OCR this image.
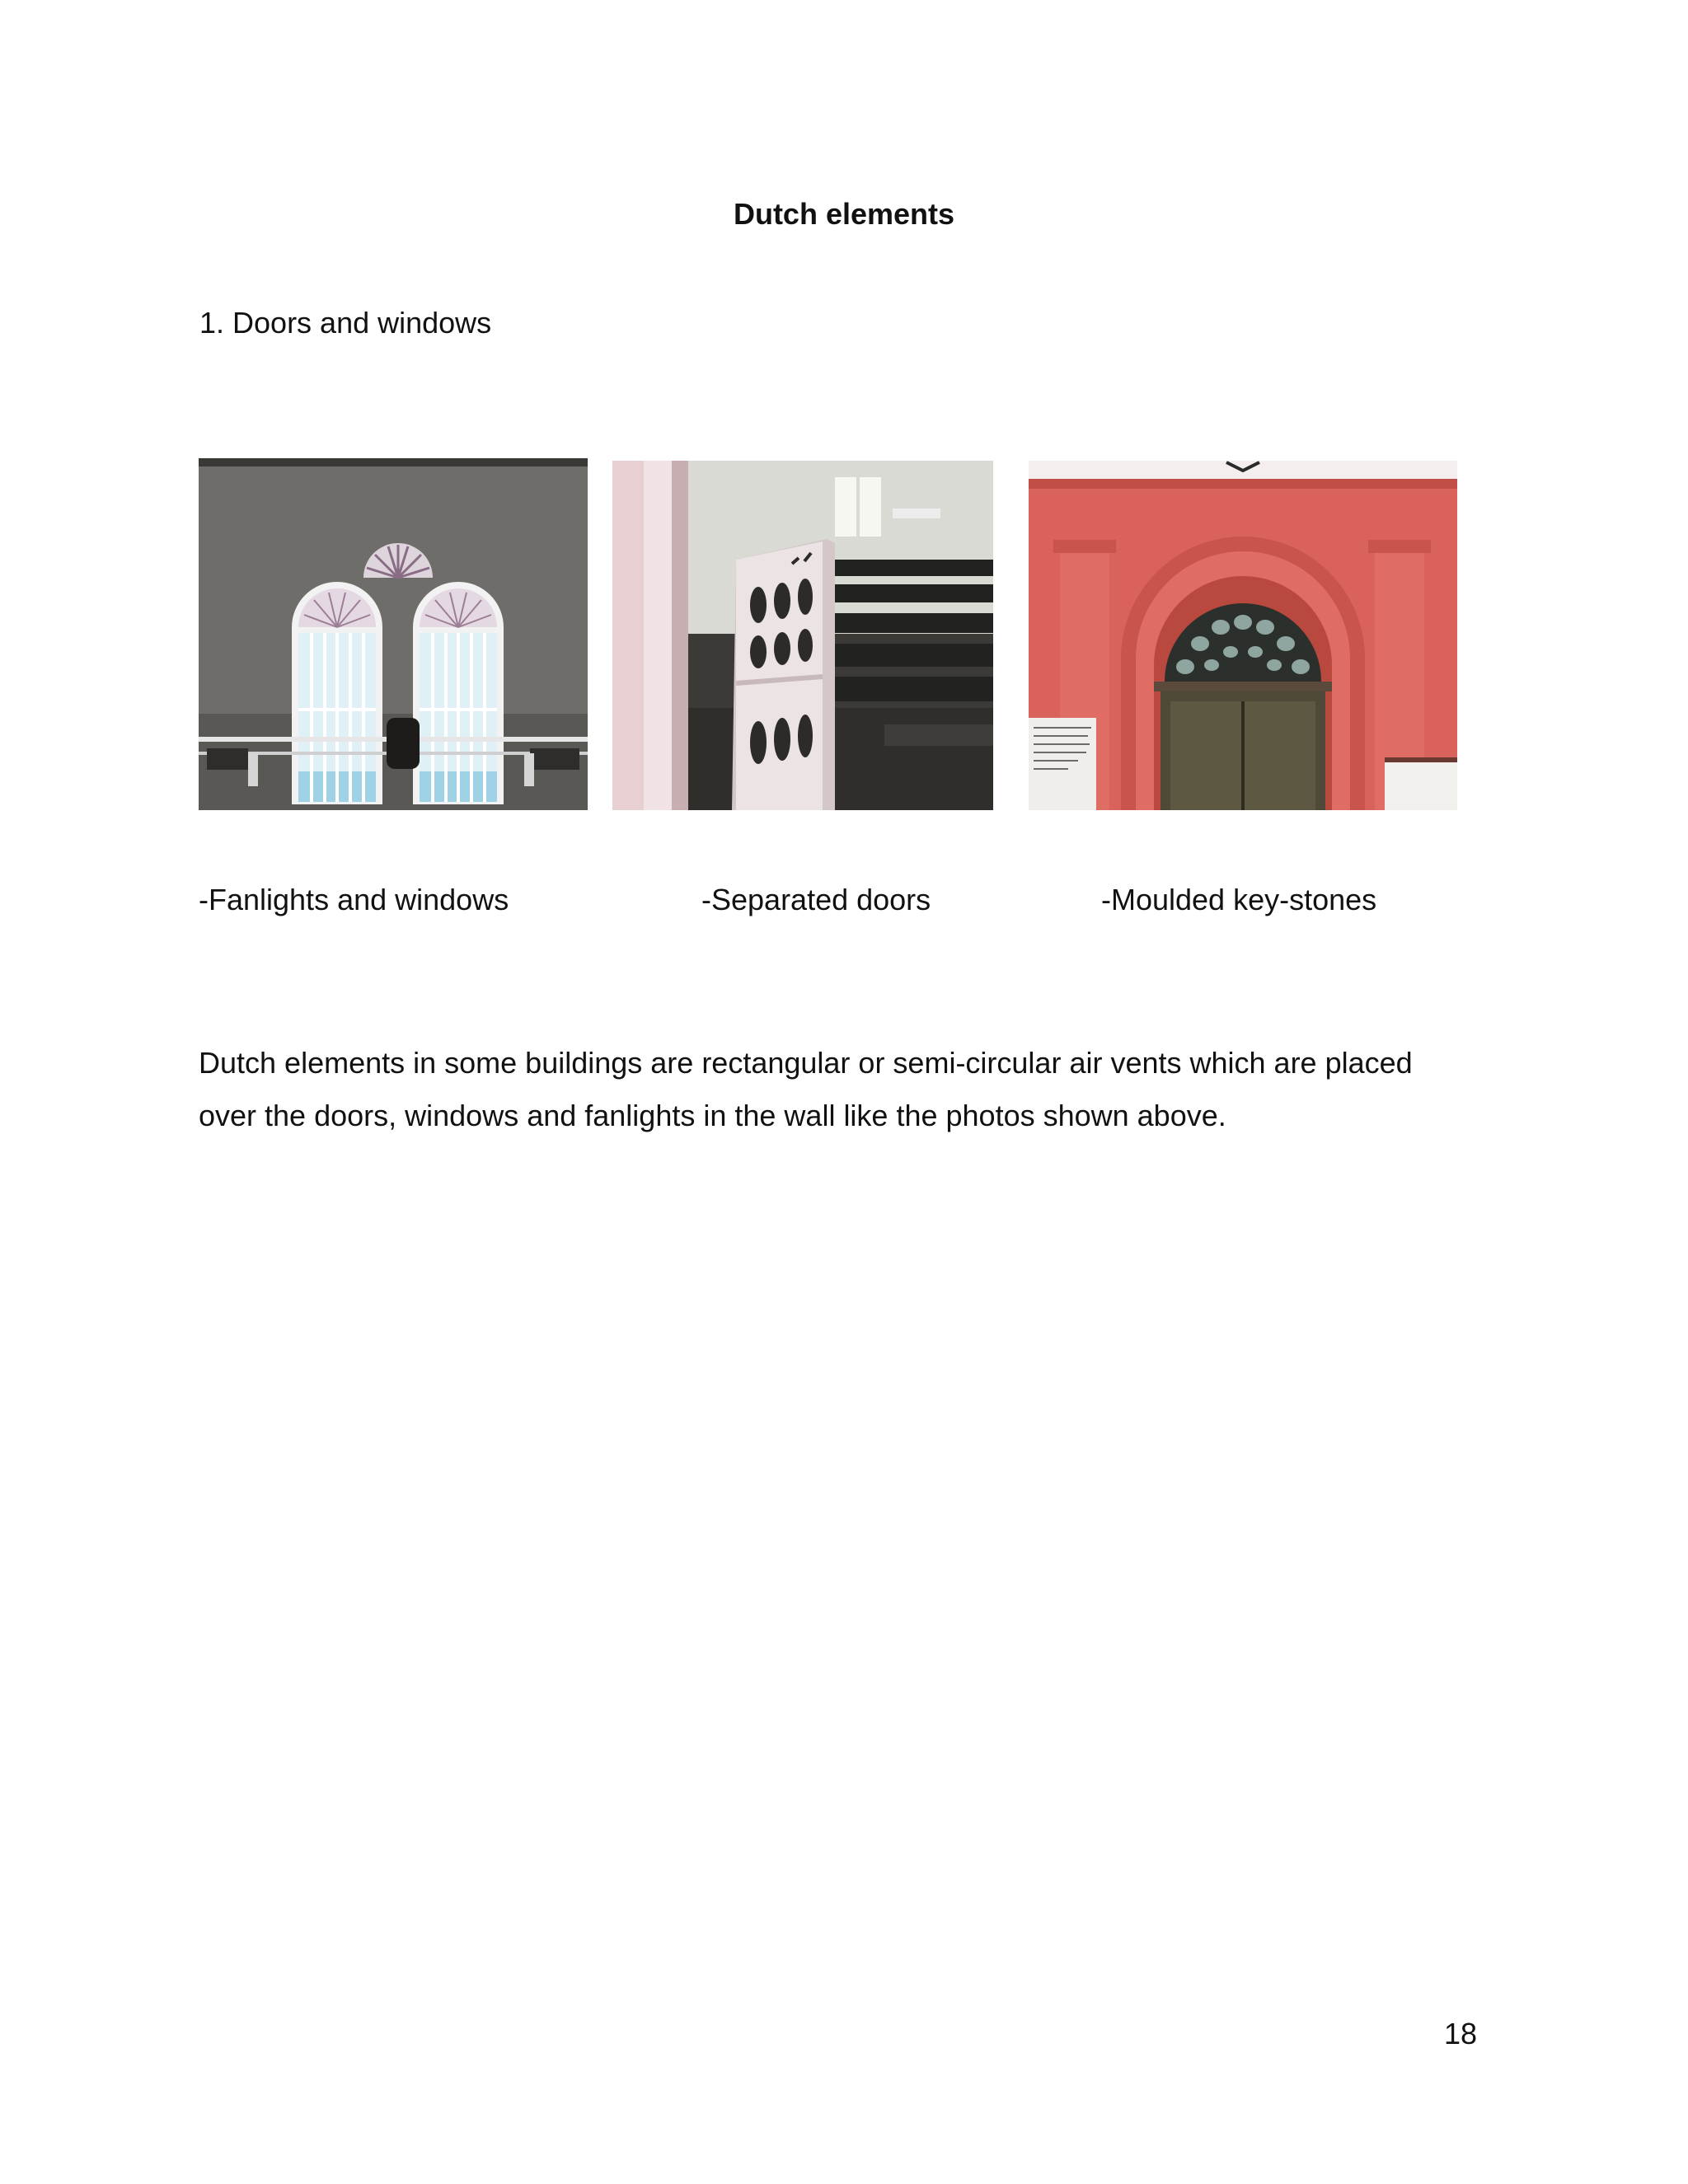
Dutch elements
1. Doors and windows
-Fanlights and windows	-Separated doors	-Moulded key-stones
Dutch elements in some buildings are rectangular or semi-circular air vents which are placed over the doors, windows and fanlights in the wall like the photos shown above.
18
